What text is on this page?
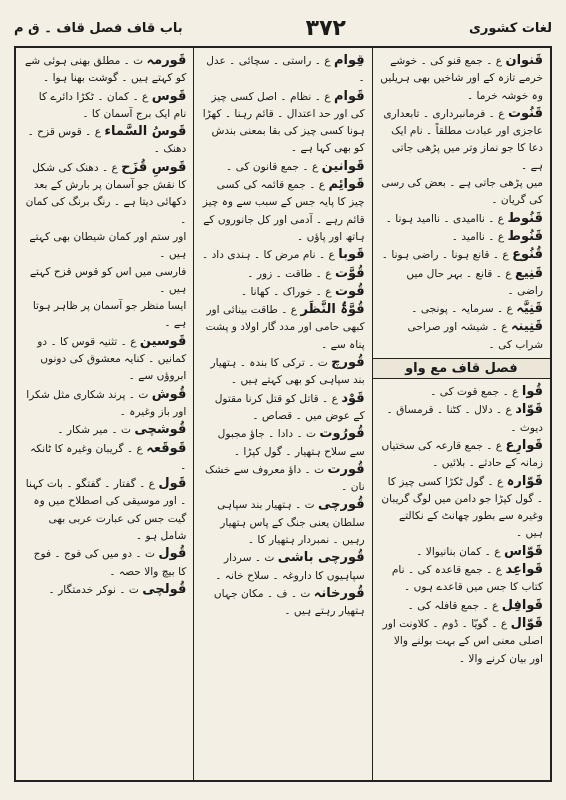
لغات کشوری
۳۷۲
باب قاف فصل قاف ۔ ق م

قَنوان ع ۔ جمع قنو کی ۔ خوشے خرمے تازہ کے اور شاخیں بھی ہریلیں وہ خوشہ خرما ۔

قَنُوت ع ۔ فرمانبرداری ۔ تابعداری عاجزی اور عبادت مطلقاً ۔ نام ایک دعا کا جو نماز وتر میں پڑھی جاتی ہے ۔

میں پڑھی جاتی ہے ۔ بعض کی رسی کی گریان ۔

قَنُوط ع ۔ ناامیدی ۔ ناامید ہونا ۔

قَنُوط ع ۔ ناامید ۔

قُنُوع ع ۔ قانع ہونا ۔ راضی ہونا ۔

قَنِیع ع ۔ قانع ۔ بہر حال میں راضی ۔

قَنِیَّہ ع ۔ سرمایہ ۔ پونجی ۔

قَنِینہ ع ۔ شیشہ اور صراحی شراب کی ۔

فصل قاف مع واو

قُوا ع ۔ جمع قوت کی ۔

قَوّاد ع ۔ دلال ۔ کٹنا ۔ قرمساق ۔ دیوث ۔

قَوارِع ع ۔ جمع قارعہ کی سختیاں زمانہ کے حادثے ۔ بلائیں ۔

قَوّارہ ع ۔ گول ٹکڑا کسی چیز کا ۔ گول کپڑا جو دامن میں لوگ گریبان وغیرہ سے بطور چھانٹ کے نکالتے ہیں ۔

قَوّاس ع ۔ کمان بنانیوالا ۔

قَواعِد ع ۔ جمع قاعدہ کی ۔ نام کتاب کا جس میں قاعدے ہوں ۔

قَوافِل ع ۔ جمع قافلہ کی ۔

قَوّال ع ۔ گویّا ۔ ڈوم ۔ کلاونت اور اصلی معنی اس کے بہت بولنے والا اور بیان کرنے والا ۔

قِوام ع ۔ راستی ۔ سچائی ۔ عدل ۔

قَوام ع ۔ نظام ۔ اصل کسی چیز کی اور حد اعتدال ۔ قائم رہنا ۔ کھڑا ہونا کسی چیز کی بقا بمعنی بندش کو بھی کہا ہے ۔

قَوانین ع ۔ جمع قانون کی ۔

قَوائِم ع ۔ جمع قائمہ کی کسی چیز کا پایہ جس کے سبب سے وہ چیز قائم رہے ۔ آدمی اور کل جانوروں کے ہاتھ اور پاؤں ۔

قَوبا ع ۔ نام مرض کا ۔ ہندی داد ۔

قُوَّت ع ۔ طاقت ۔ زور ۔

قُوت ع ۔ خوراک ۔ کھانا ۔

قُوَّۃُ النَّظَر ع ۔ طاقت بینائی اور کبھی حامی اور مدد گار اولاد و پشت پناہ سے ۔

قُورچ ت ۔ ترکی کا بندہ ۔ ہتھیار بند سپاہی کو بھی کہتے ہیں ۔

قَوْد ع ۔ قاتل کو قتل کرنا مقتول کے عوض میں ۔ قصاص ۔

قُورُوت ت ۔ دادا ۔ جاؤ مجبول سے سلاح ہتھیار ۔ گول کپڑا ۔

قُورت ت ۔ داؤ معروف سے خشک نان ۔

قُورچی ت ۔ ہتھیار بند سپاہی سلطان یعنی جنگ کے پاس ہتھیار رہیں ۔ نمبردار ہتھیار کا ۔

قُورچی باشی ت ۔ سردار سپاہیوں کا داروغہ ۔ سلاح خانہ ۔

قُورخانہ ت ۔ ف ۔ مکان جہاں ہتھیار رہتے ہیں ۔

قَورمہ ت ۔ مطلق بھنی ہوئی شے کو کہتے ہیں ۔ گوشت بھنا ہوا ۔

قَوس ع ۔ کمان ۔ ٹکڑا دائرے کا نام ایک برج آسمان کا ۔

قَوسُ السَّماء ع ۔ قوس قزح ۔ دھنک ۔

قَوسِ قُزَح ع ۔ دھنک کی شکل کا نقش جو آسمان پر بارش کے بعد دکھائی دیتا ہے ۔ رنگ برنگ کی کمان ۔

اور ستم اور کمان شیطان بھی کہتے ہیں ۔

فارسی میں اس کو قوس قزح کہتے ہیں ۔

ایسا منظر جو آسمان پر ظاہر ہوتا ہے ۔

قَوسین ع ۔ تثنیہ قوس کا ۔ دو کمانیں ۔ کنایہ معشوق کی دونوں ابروؤں سے ۔

قُوش ت ۔ پرند شکاری مثل شکرا اور باز وغیرہ ۔

قُوشچی ت ۔ میر شکار ۔

قَوقَعہ ع ۔ گریبان وغیرہ کا ٹانکہ ۔

قَول ع ۔ گفتار ۔ گفتگو ۔ بات کہنا ۔ اور موسیقی کی اصطلاح میں وہ گیت جس کی عبارت عربی بھی شامل ہو ۔

قُول ت ۔ دو میں کی فوج ۔ فوج کا بیچ والا حصہ ۔

قُولچی ت ۔ نوکر خدمتگار ۔
